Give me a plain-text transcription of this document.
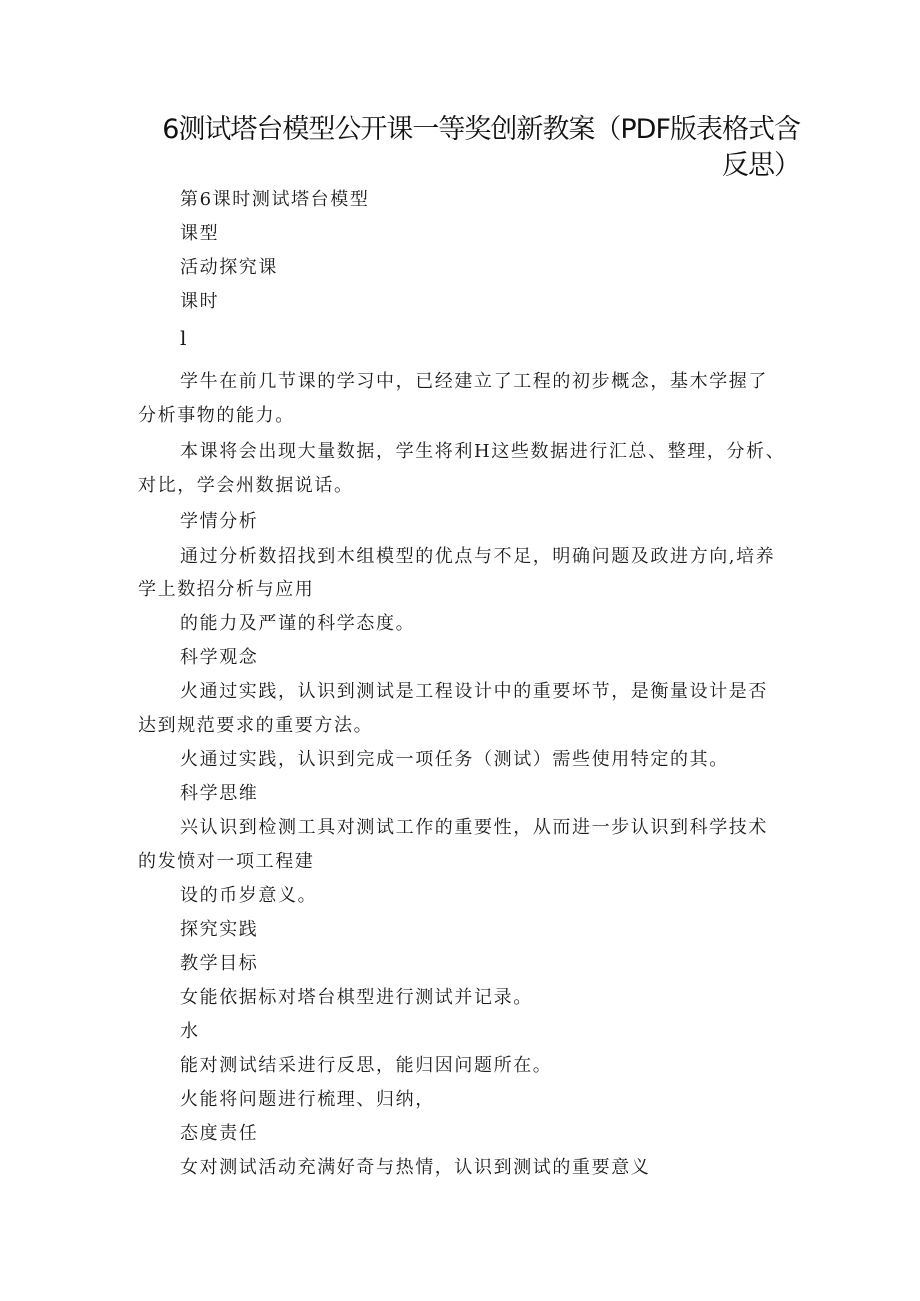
6测试塔台模型公开课一等奖创新教案（PDF版表格式含反思）
第6课时测试塔台模型
课型
活动探究课
课时
l
学牛在前几节课的学习中，已经建立了工程的初步概念，基木学握了
分析事物的能力。
本课将会出现大量数据，学生将利H这些数据进行汇总、整理，分析、
对比，学会州数据说话。
学情分析
通过分析数招找到木组模型的优点与不足，明确问题及政进方向,培养
学上数招分析与应用
的能力及严谨的科学态度。
科学观念
火通过实践，认识到测试是工程设计中的重要坏节，是衡量设计是否
达到规范要求的重要方法。
火通过实践，认识到完成一项任务（测试）需些使用特定的其。
科学思维
兴认识到检测工具对测试工作的重要性，从而进一步认识到科学技术
的发愤对一项工程建
设的币岁意义。
探究实践
教学目标
女能依据标对塔台棋型进行测试并记录。
水
能对测试结采进行反思，能归因问题所在。
火能将问题进行梳理、归纳，
态度责任
女对测试活动充满好奇与热情，认识到测试的重要意义
